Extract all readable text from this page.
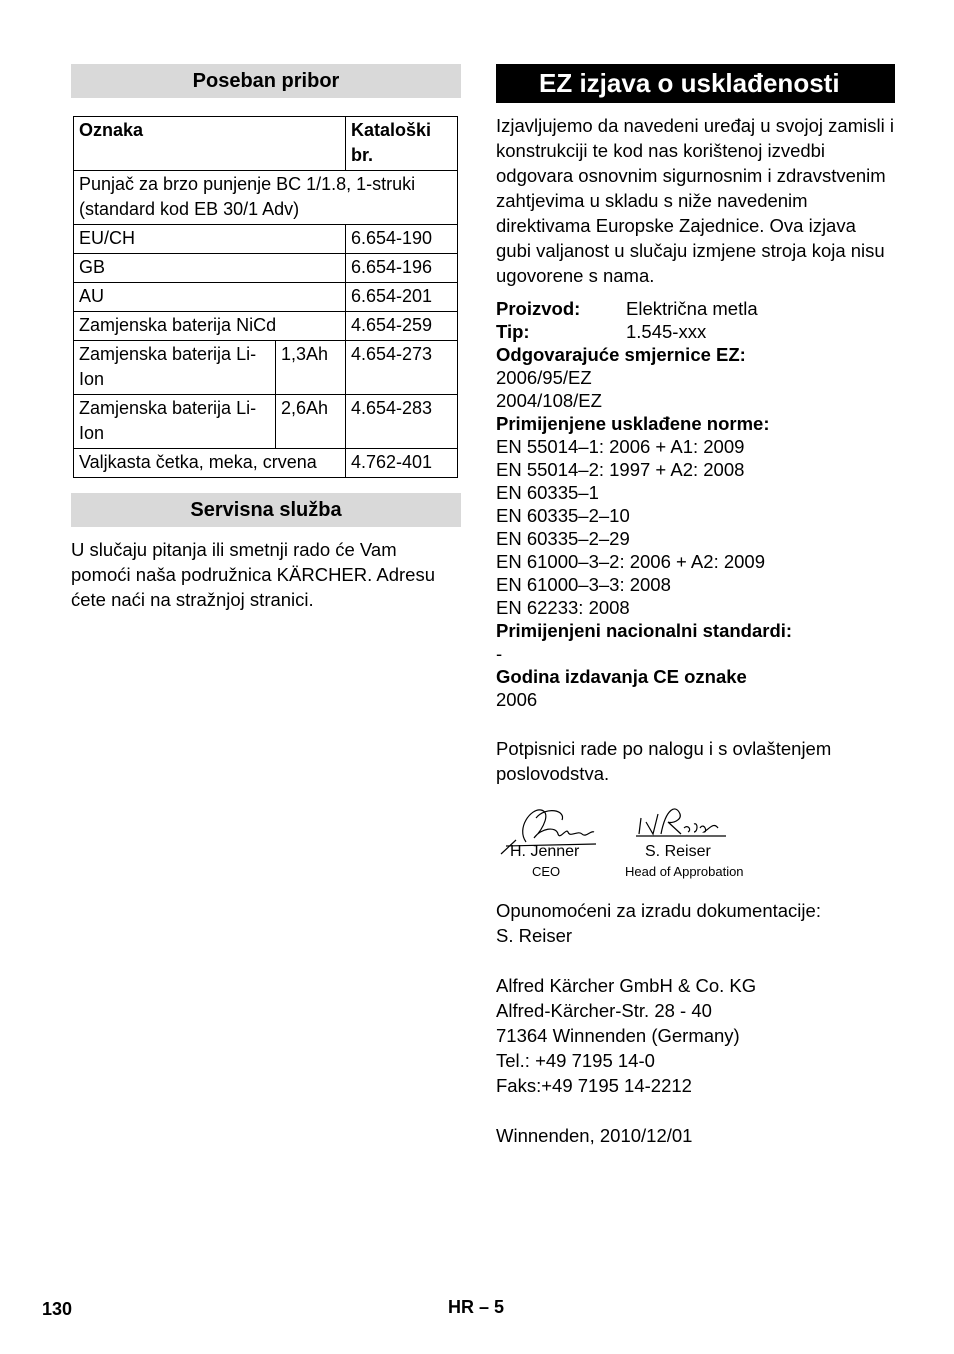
Poseban pribor
Oznaka		Kataloški br.
Punjač za brzo punjenje BC 1/1.8, 1-struki (standard kod EB 30/1 Adv)		
EU/CH		6.654-190
GB		6.654-196
AU		6.654-201
Zamjenska baterija NiCd		4.654-259
Zamjenska baterija Li-Ion	1,3Ah	4.654-273
Zamjenska baterija Li-Ion	2,6Ah	4.654-283
Valjkasta četka, meka, crvena		4.762-401
Servisna služba

U slučaju pitanja ili smetnji rado će Vam pomoći naša podružnica KÄRCHER. Adresu ćete naći na stražnjoj stranici.

EZ izjava o usklađenosti

Izjavljujemo da navedeni uređaj u svojoj zamisli i konstrukciji te kod nas korištenoj izvedbi odgovara osnovnim sigurnosnim i zdravstvenim zahtjevima u skladu s niže navedenim direktivama Europske Zajednice. Ova izjava gubi valjanost u slučaju izmjene stroja koja nisu ugovorene s nama.

Proizvod:	Električna metla
Tip:	1.545-xxx
Odgovarajuće smjernice EZ:
2006/95/EZ
2004/108/EZ
Primijenjene usklađene norme:
EN 55014–1: 2006 + A1: 2009
EN 55014–2: 1997 + A2: 2008
EN 60335–1
EN 60335–2–10
EN 60335–2–29
EN 61000–3–2: 2006 + A2: 2009
EN 61000–3–3: 2008
EN 62233: 2008
Primijenjeni nacionalni standardi:
-
Godina izdavanja CE oznake
2006

Potpisnici rade po nalogu i s ovlaštenjem poslovodstva.

H. Jenner
CEO
S. Reiser
Head of Approbation
Opunomoćeni za izradu dokumentacije:
S. Reiser
Alfred Kärcher GmbH & Co. KG
Alfred-Kärcher-Str. 28 - 40
71364 Winnenden (Germany)
Tel.: +49 7195 14-0
Faks:+49 7195 14-2212
Winnenden, 2010/12/01
130	HR – 5
